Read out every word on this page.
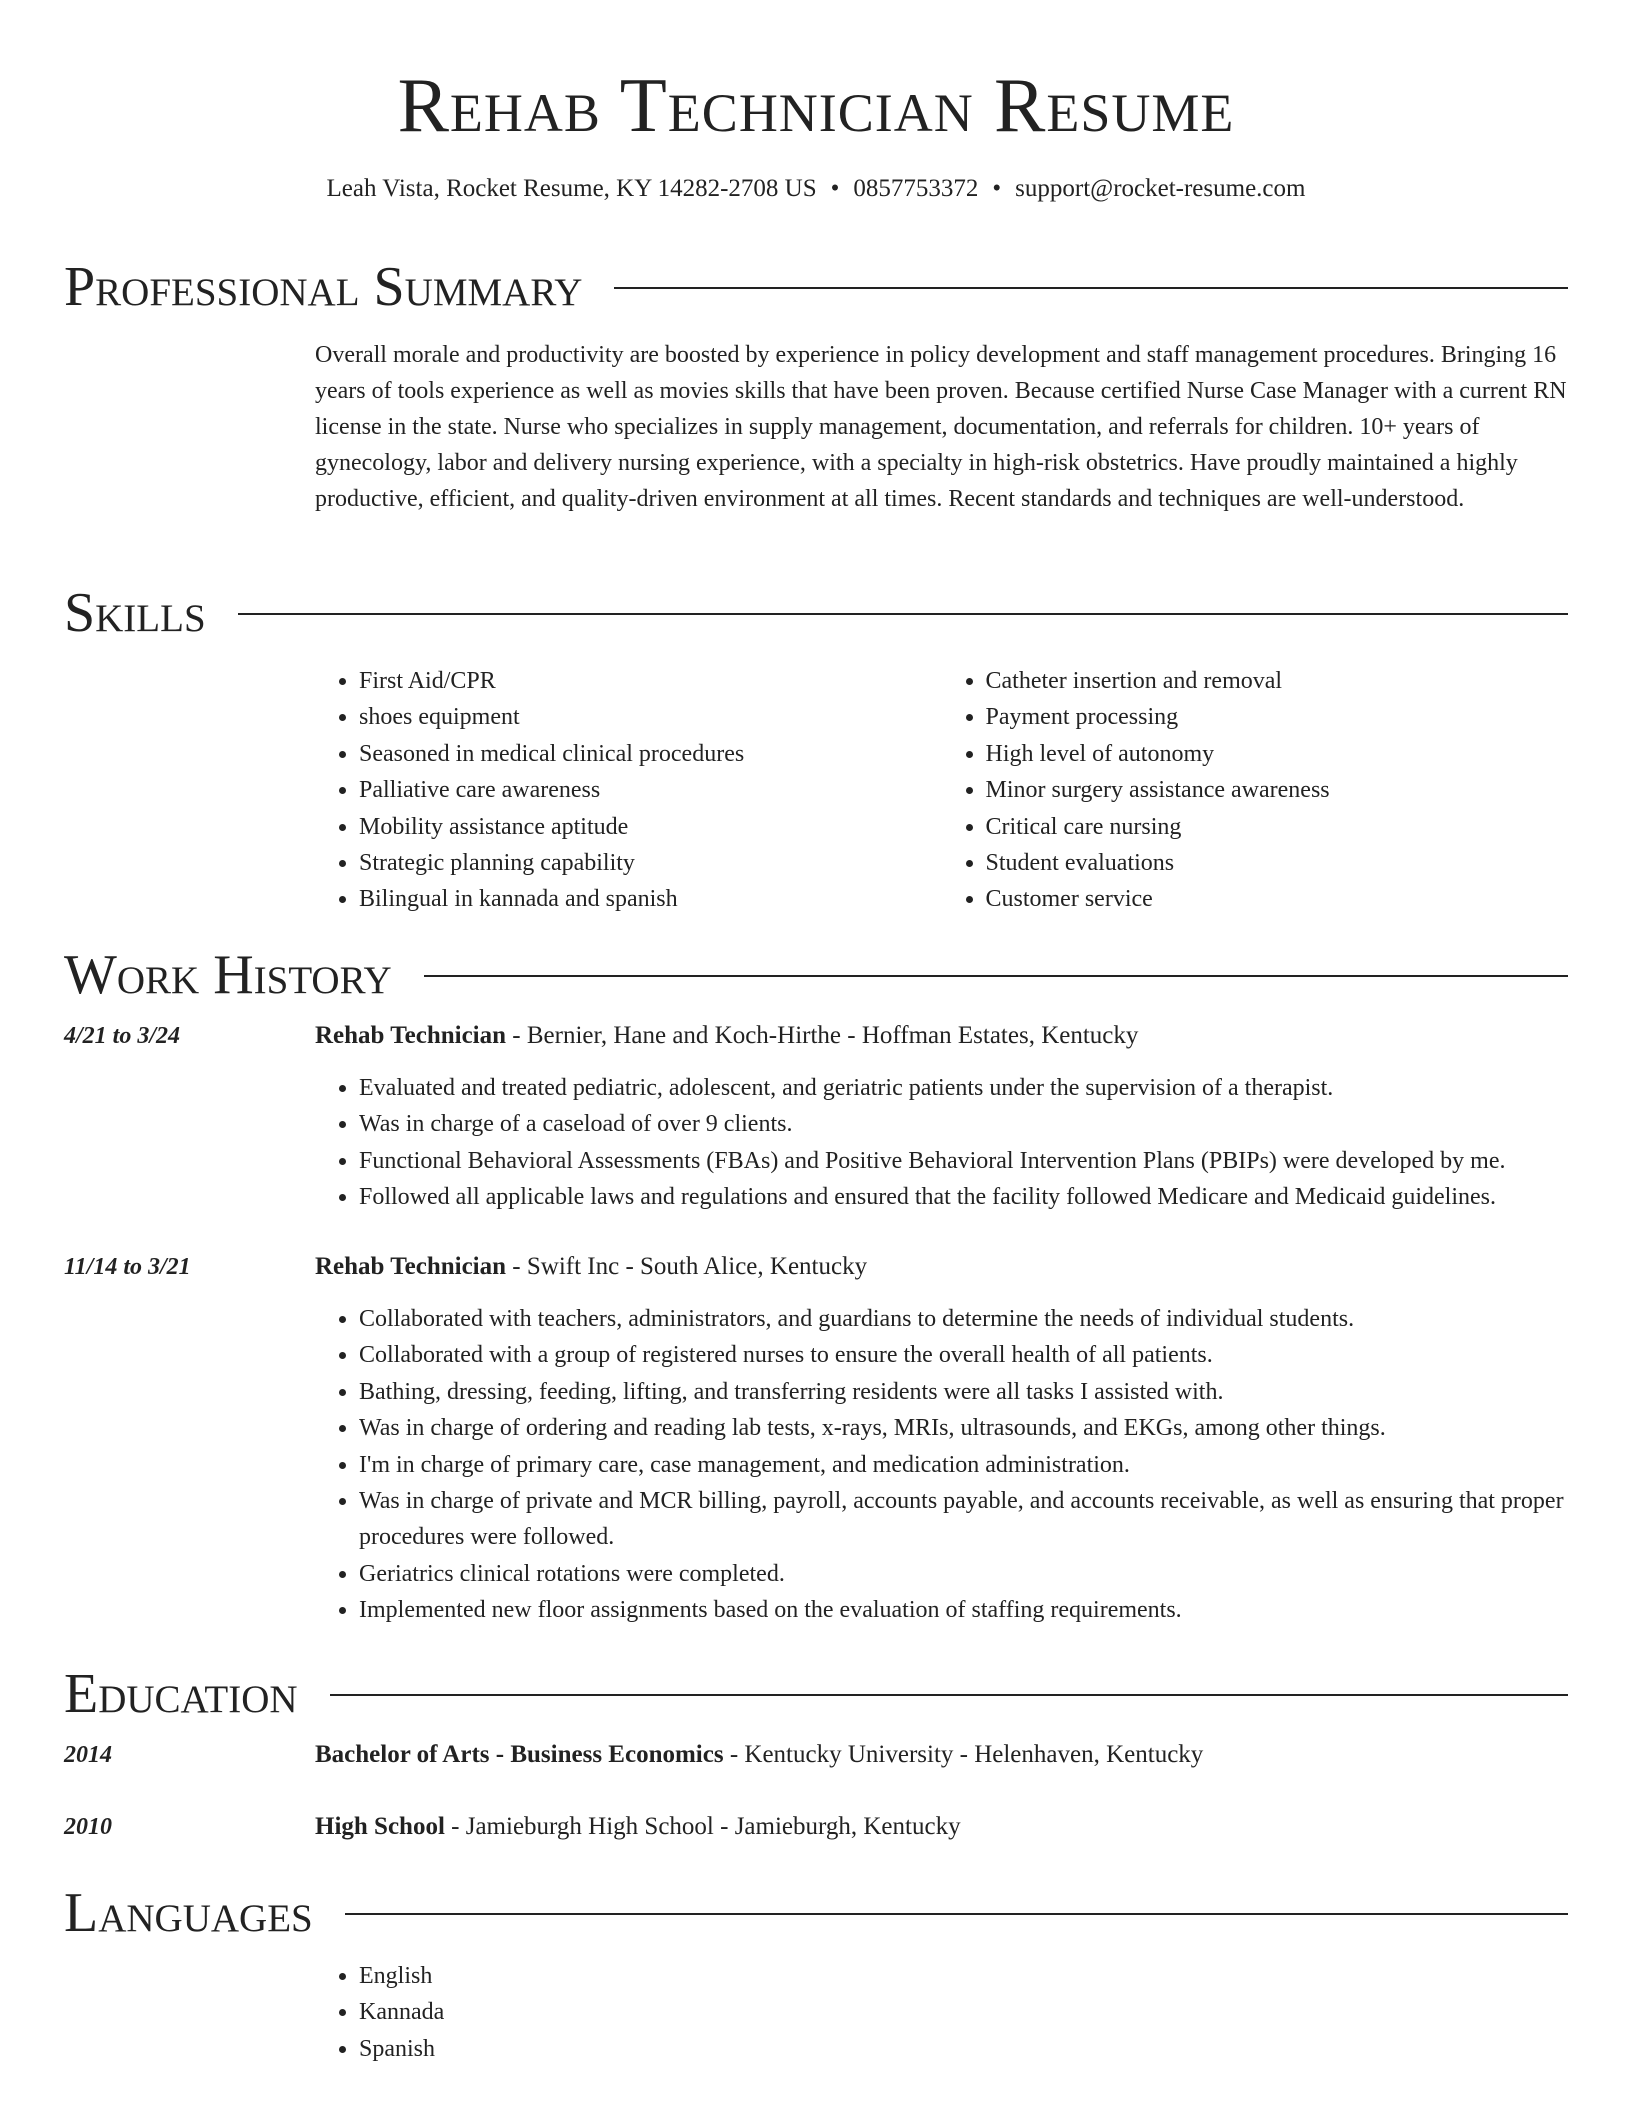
Rehab Technician Resume
Leah Vista, Rocket Resume, KY 14282-2708 US • 0857753372 • support@rocket-resume.com
Professional Summary

Overall morale and productivity are boosted by experience in policy development and staff management procedures. Bringing 16 years of tools experience as well as movies skills that have been proven. Because certified Nurse Case Manager with a current RN license in the state. Nurse who specializes in supply management, documentation, and referrals for children. 10+ years of gynecology, labor and delivery nursing experience, with a specialty in high-risk obstetrics. Have proudly maintained a highly productive, efficient, and quality-driven environment at all times. Recent standards and techniques are well-understood.

Skills
• First Aid/CPR
• shoes equipment
• Seasoned in medical clinical procedures
• Palliative care awareness
• Mobility assistance aptitude
• Strategic planning capability
• Bilingual in kannada and spanish
• Catheter insertion and removal
• Payment processing
• High level of autonomy
• Minor surgery assistance awareness
• Critical care nursing
• Student evaluations
• Customer service
Work History
4/21 to 3/24	Rehab Technician - Bernier, Hane and Koch-Hirthe - Hoffman Estates, Kentucky
• Evaluated and treated pediatric, adolescent, and geriatric patients under the supervision of a therapist.
• Was in charge of a caseload of over 9 clients.
• Functional Behavioral Assessments (FBAs) and Positive Behavioral Intervention Plans (PBIPs) were developed by me.
• Followed all applicable laws and regulations and ensured that the facility followed Medicare and Medicaid guidelines.
11/14 to 3/21	Rehab Technician - Swift Inc - South Alice, Kentucky
• Collaborated with teachers, administrators, and guardians to determine the needs of individual students.
• Collaborated with a group of registered nurses to ensure the overall health of all patients.
• Bathing, dressing, feeding, lifting, and transferring residents were all tasks I assisted with.
• Was in charge of ordering and reading lab tests, x-rays, MRIs, ultrasounds, and EKGs, among other things.
• I'm in charge of primary care, case management, and medication administration.
• Was in charge of private and MCR billing, payroll, accounts payable, and accounts receivable, as well as ensuring that proper procedures were followed.
• Geriatrics clinical rotations were completed.
• Implemented new floor assignments based on the evaluation of staffing requirements.
Education
2014	Bachelor of Arts - Business Economics - Kentucky University - Helenhaven, Kentucky
2010	High School - Jamieburgh High School - Jamieburgh, Kentucky
Languages
• English
• Kannada
• Spanish
